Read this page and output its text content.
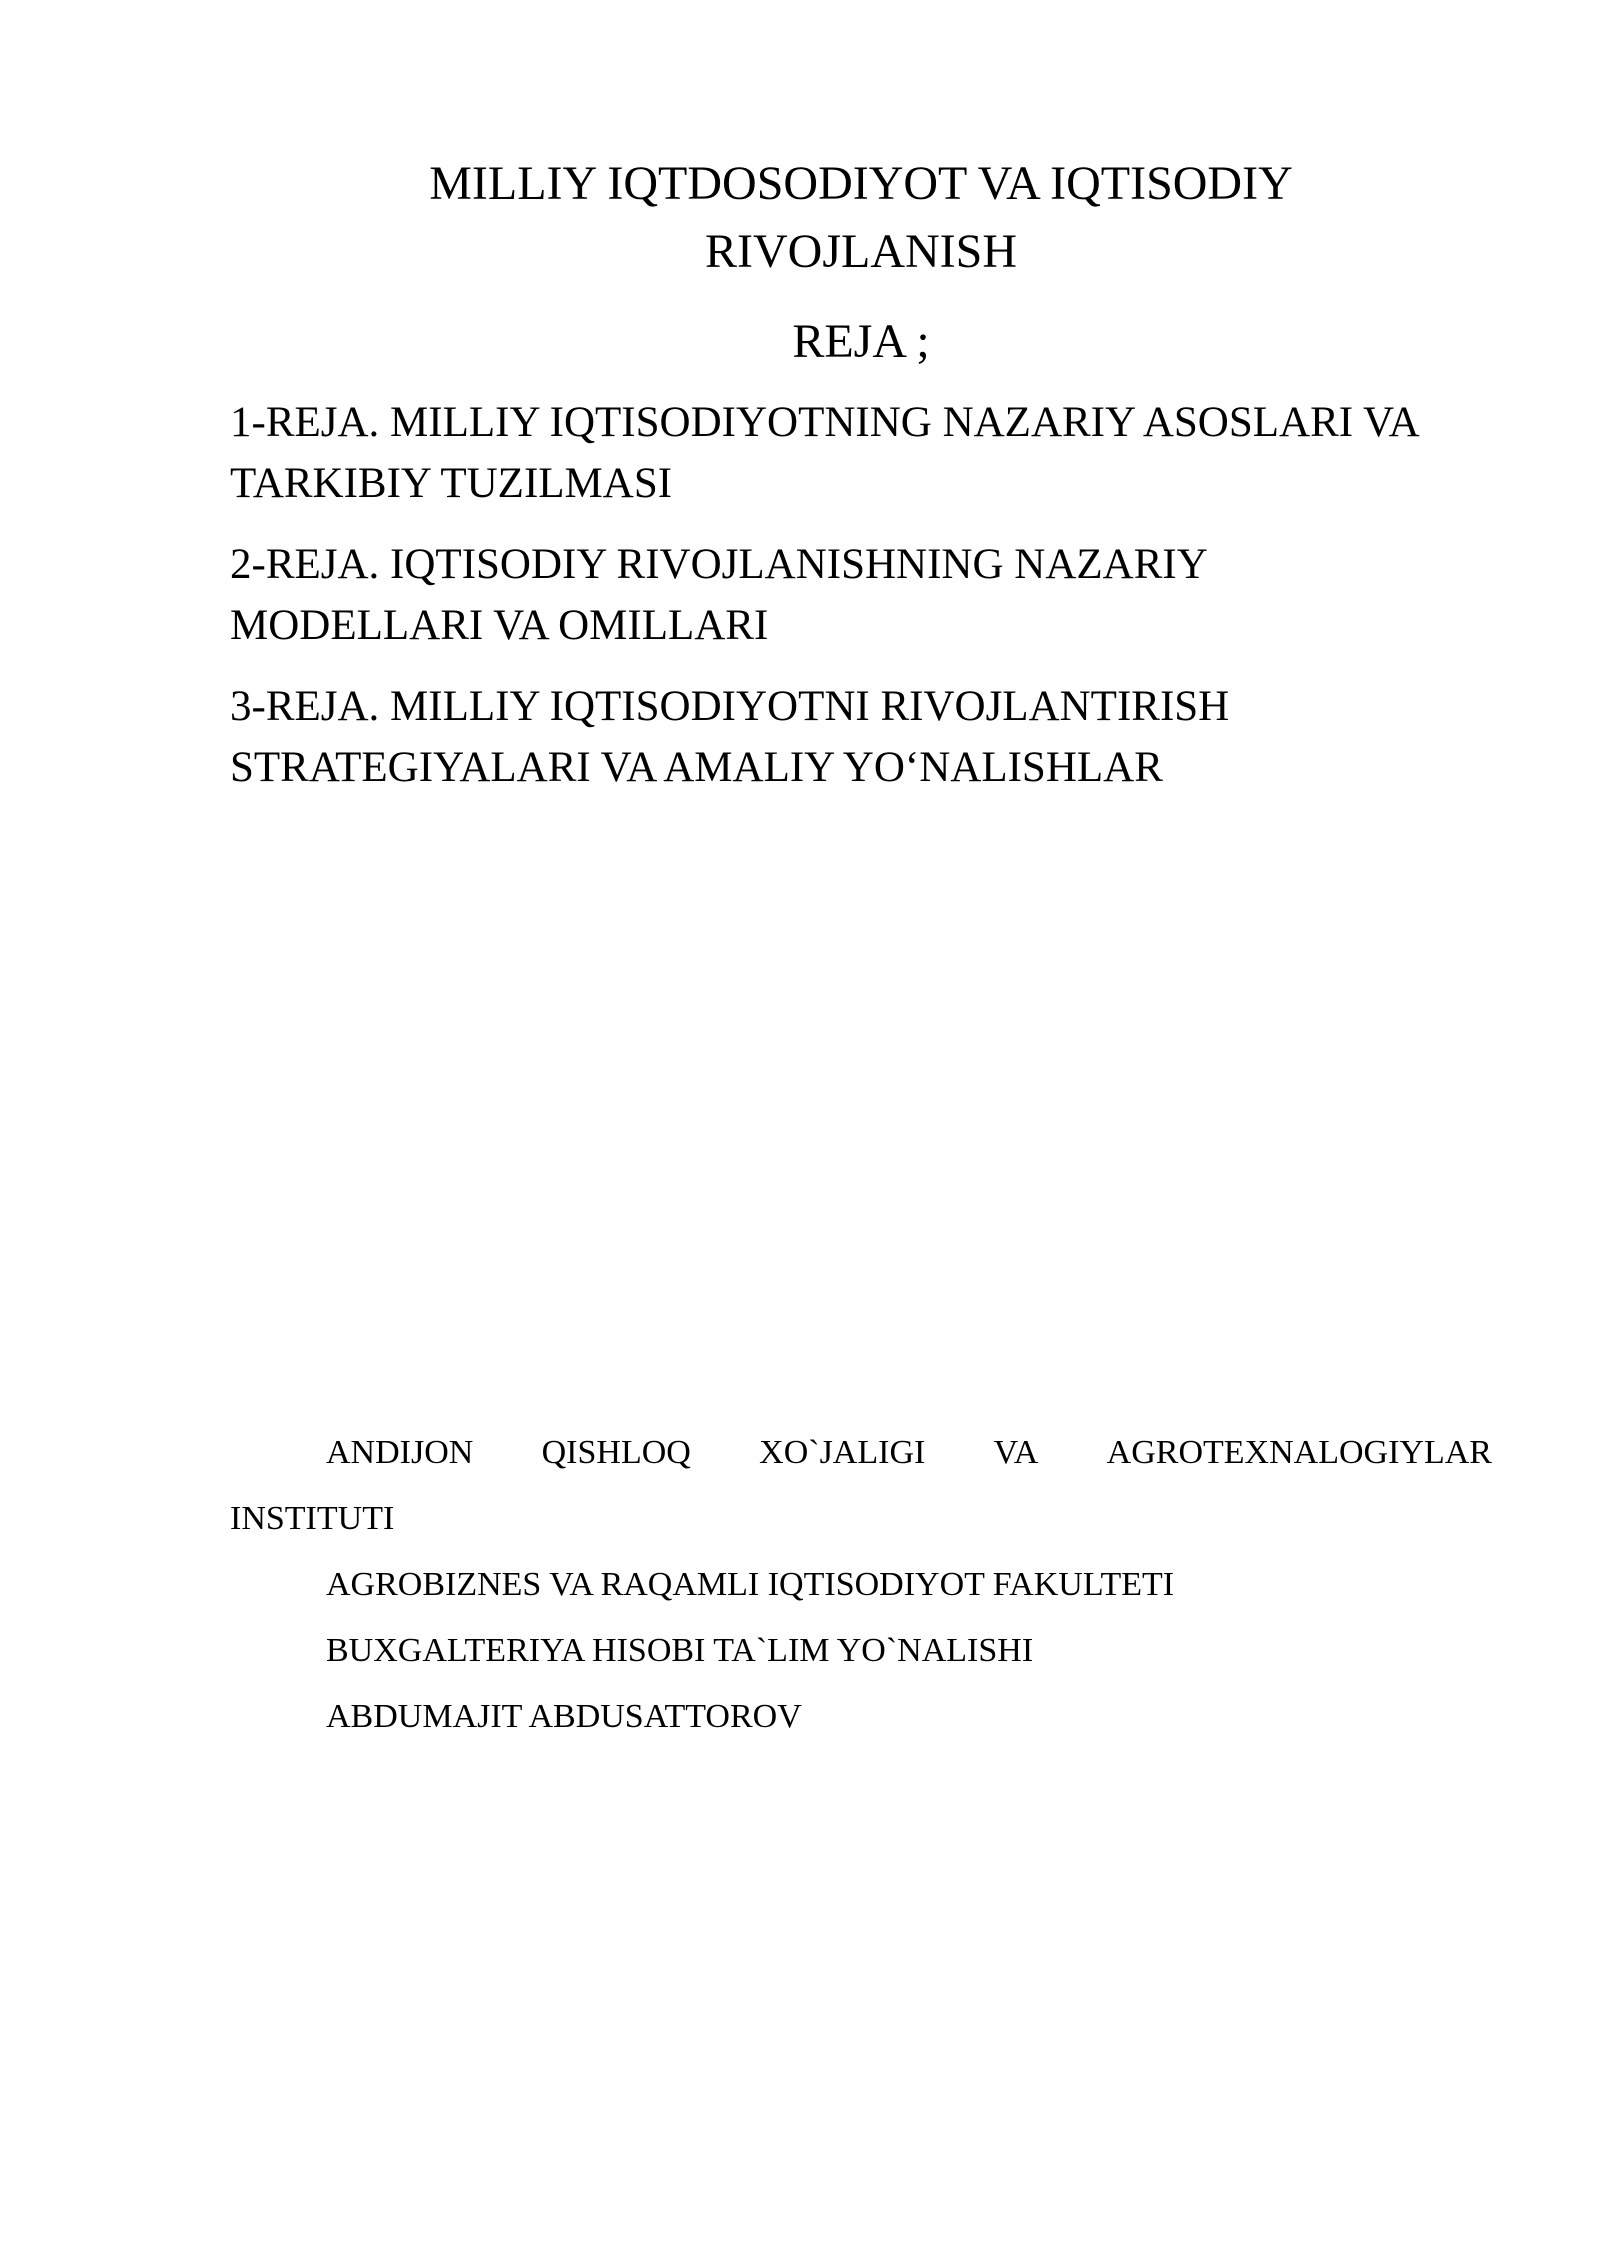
MILLIY IQTDOSODIYOT VA IQTISODIY RIVOJLANISH
REJA ;
1-REJA. MILLIY IQTISODIYOTNING NAZARIY ASOSLARI VA TARKIBIY TUZILMASI
2-REJA. IQTISODIY RIVOJLANISHNING NAZARIY MODELLARI VA OMILLARI
3-REJA. MILLIY IQTISODIYOTNI RIVOJLANTIRISH STRATEGIYALARI VA AMALIY YO‘NALISHLAR
ANDIJON QISHLOQ XO`JALIGI VA AGROTEXNALOGIYLAR

INSTITUTI

AGROBIZNES VA RAQAMLI IQTISODIYOT FAKULTETI

BUXGALTERIYA HISOBI TA`LIM YO`NALISHI

ABDUMAJIT ABDUSATTOROV
